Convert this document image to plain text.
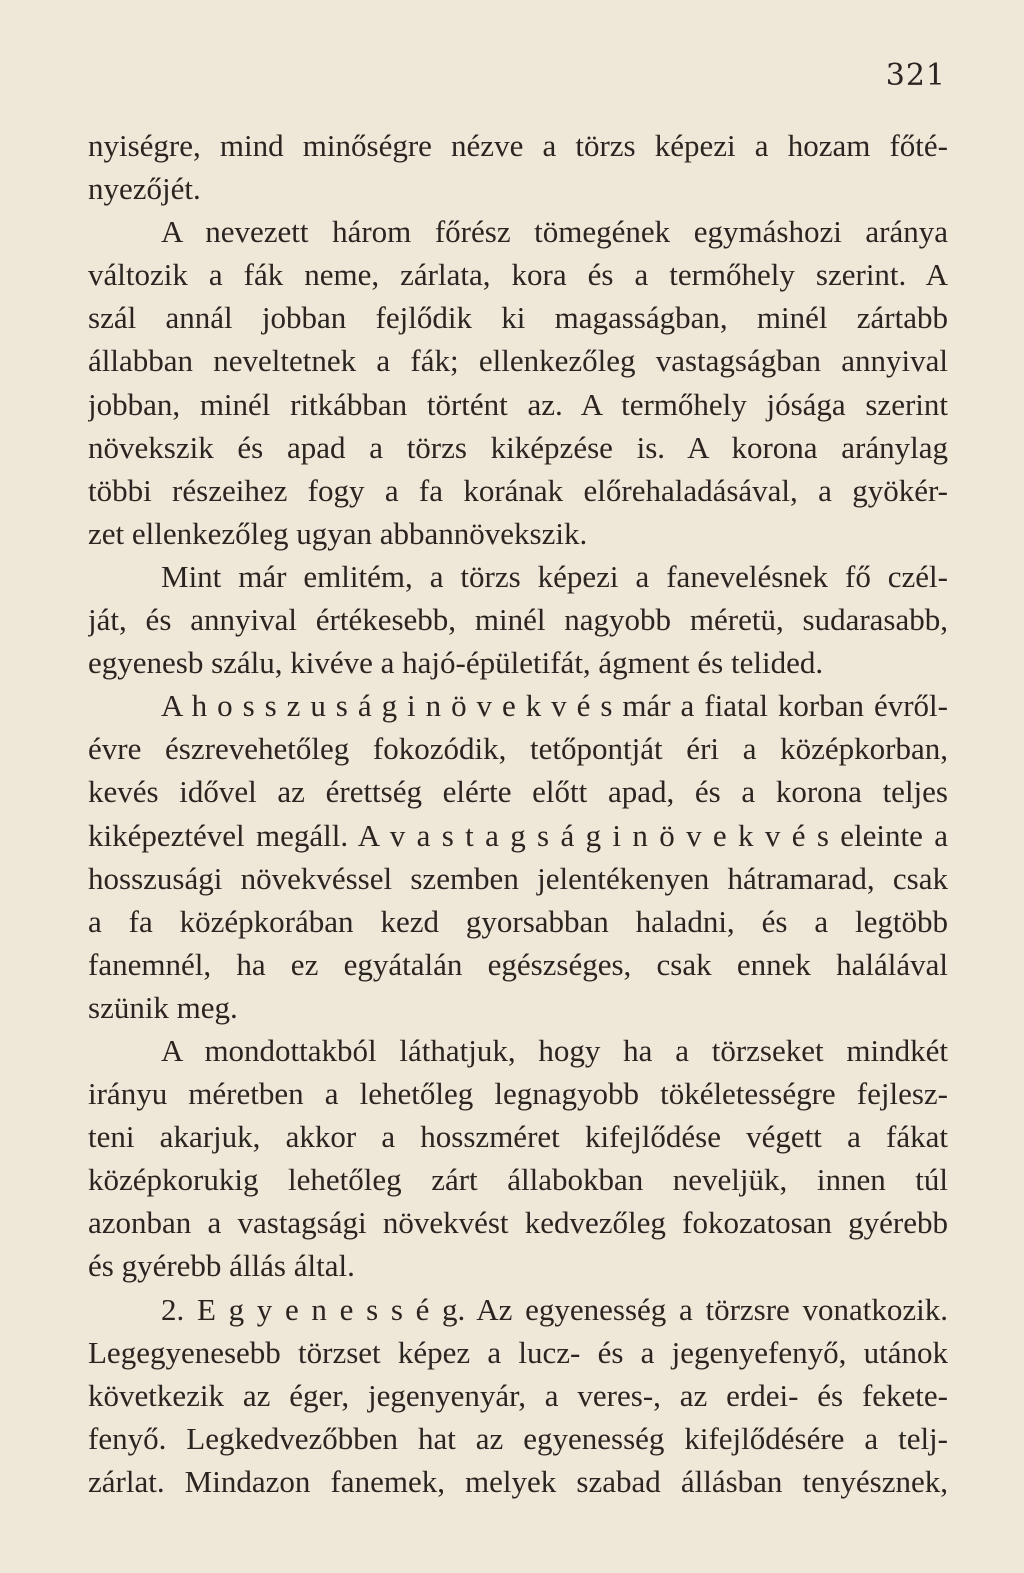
321
nyiségre, mind minőségre nézve a törzs képezi a hozam főté-
nyezőjét.
A nevezett három főrész tömegének egymáshozi aránya
változik a fák neme, zárlata, kora és a termőhely szerint. A
szál annál jobban fejlődik ki magasságban, minél zártabb
állabban neveltetnek a fák; ellenkezőleg vastagságban annyival
jobban, minél ritkábban történt az. A termőhely jósága szerint
növekszik és apad a törzs kiképzése is. A korona aránylag
többi részeihez fogy a fa korának előrehaladásával, a gyökér-
zet ellenkezőleg ugyan abbannövekszik.
Mint már emlitém, a törzs képezi a fanevelésnek fő czél-
ját, és annyival értékesebb, minél nagyobb méretü, sudarasabb,
egyenesb szálu, kivéve a hajó-épületifát, ágment és telided.
A h o s s z u s á g i n ö v e k v é s már a fiatal korban évről-
évre észrevehetőleg fokozódik, tetőpontját éri a középkorban,
kevés idővel az érettség elérte előtt apad, és a korona teljes
kiképeztével megáll. A v a s t a g s á g i n ö v e k v é s eleinte a
hosszusági növekvéssel szemben jelentékenyen hátramarad, csak
a fa középkorában kezd gyorsabban haladni, és a legtöbb
fanemnél, ha ez egyátalán egészséges, csak ennek halálával
szünik meg.
A mondottakból láthatjuk, hogy ha a törzseket mindkét
irányu méretben a lehetőleg legnagyobb tökéletességre fejlesz-
teni akarjuk, akkor a hosszméret kifejlődése végett a fákat
középkorukig lehetőleg zárt állabokban neveljük, innen túl
azonban a vastagsági növekvést kedvezőleg fokozatosan gyérebb
és gyérebb állás által.
2. E g y e n e s s é g. Az egyenesség a törzsre vonatkozik.
Legegyenesebb törzset képez a lucz- és a jegenyefenyő, utánok
következik az éger, jegenyenyár, a veres-, az erdei- és fekete-
fenyő. Legkedvezőbben hat az egyenesség kifejlődésére a telj-
zárlat. Mindazon fanemek, melyek szabad állásban tenyésznek,
